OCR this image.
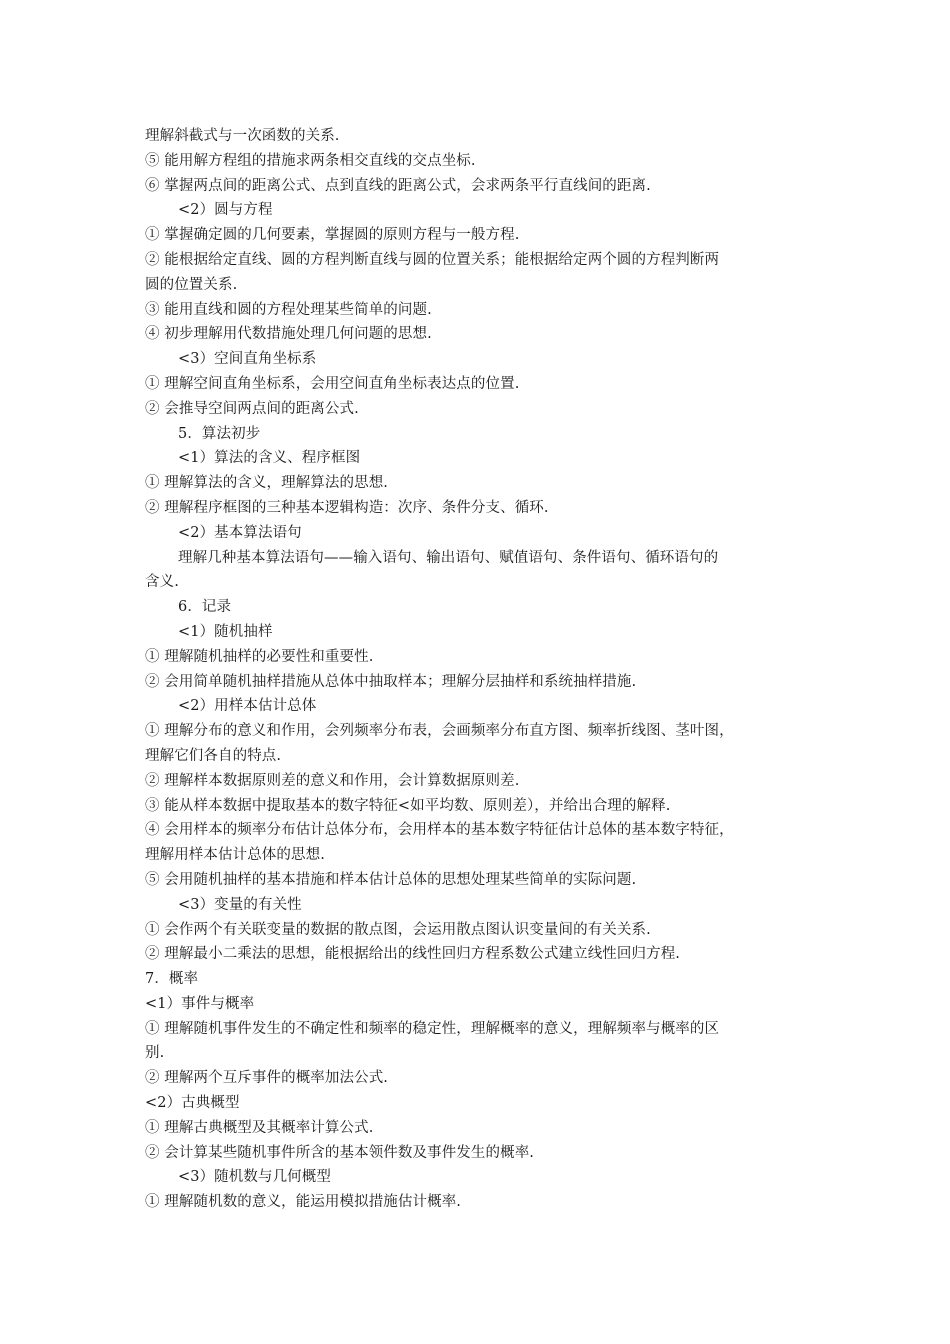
理解斜截式与一次函数的关系.

⑤ 能用解方程组的措施求两条相交直线的交点坐标.

⑥ 掌握两点间的距离公式、点到直线的距离公式，会求两条平行直线间的距离.

<2）圆与方程

① 掌握确定圆的几何要素，掌握圆的原则方程与一般方程.

② 能根据给定直线、圆的方程判断直线与圆的位置关系；能根据给定两个圆的方程判断两

圆的位置关系.

③ 能用直线和圆的方程处理某些简单的问题.

④ 初步理解用代数措施处理几何问题的思想.

<3）空间直角坐标系

① 理解空间直角坐标系，会用空间直角坐标表达点的位置.

② 会推导空间两点间的距离公式.

5．算法初步

<1）算法的含义、程序框图

① 理解算法的含义，理解算法的思想.

② 理解程序框图的三种基本逻辑构造：次序、条件分支、循环.

<2）基本算法语句

理解几种基本算法语句——输入语句、输出语句、赋值语句、条件语句、循环语句的

含义.

6．记录

<1）随机抽样

① 理解随机抽样的必要性和重要性.

② 会用简单随机抽样措施从总体中抽取样本；理解分层抽样和系统抽样措施.

<2）用样本估计总体

① 理解分布的意义和作用，会列频率分布表，会画频率分布直方图、频率折线图、茎叶图，

理解它们各自的特点.

② 理解样本数据原则差的意义和作用，会计算数据原则差.

③ 能从样本数据中提取基本的数字特征<如平均数、原则差），并给出合理的解释.

④ 会用样本的频率分布估计总体分布，会用样本的基本数字特征估计总体的基本数字特征，

理解用样本估计总体的思想.

⑤ 会用随机抽样的基本措施和样本估计总体的思想处理某些简单的实际问题.

<3）变量的有关性

① 会作两个有关联变量的数据的散点图，会运用散点图认识变量间的有关关系.

② 理解最小二乘法的思想，能根据给出的线性回归方程系数公式建立线性回归方程.

7．概率

<1）事件与概率

① 理解随机事件发生的不确定性和频率的稳定性，理解概率的意义，理解频率与概率的区

别.

② 理解两个互斥事件的概率加法公式.

<2）古典概型

① 理解古典概型及其概率计算公式.

② 会计算某些随机事件所含的基本领件数及事件发生的概率.

<3）随机数与几何概型

① 理解随机数的意义，能运用模拟措施估计概率.
